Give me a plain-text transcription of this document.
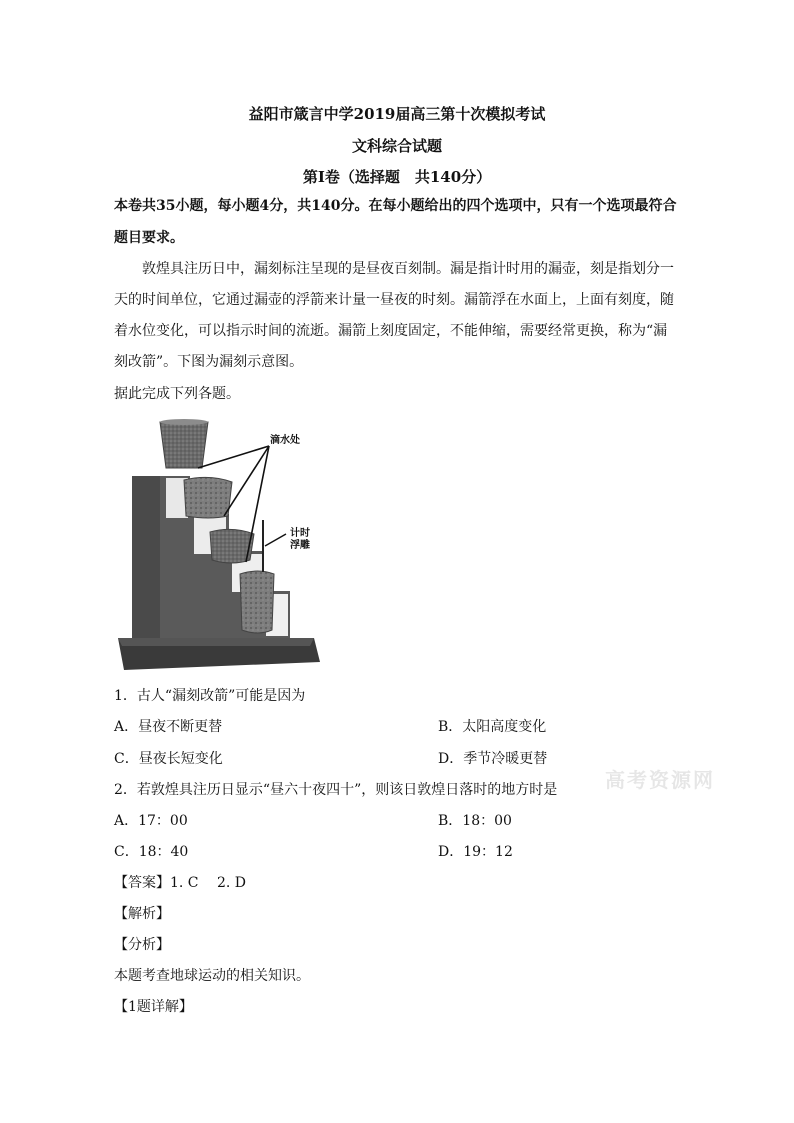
益阳市箴言中学2019届高三第十次模拟考试
文科综合试题
第Ⅰ卷（选择题　共140分）
本卷共35小题，每小题4分，共140分。在每小题给出的四个选项中，只有一个选项最符合
题目要求。
敦煌具注历日中，漏刻标注呈现的是昼夜百刻制。漏是指计时用的漏壶，刻是指划分一
天的时间单位，它通过漏壶的浮箭来计量一昼夜的时刻。漏箭浮在水面上，上面有刻度，随
着水位变化，可以指示时间的流逝。漏箭上刻度固定，不能伸缩，需要经常更换，称为“漏
刻改箭”。下图为漏刻示意图。
据此完成下列各题。
滴水处
计时
浮雕
1．古人“漏刻改箭”可能是因为
A．昼夜不断更替	B．太阳高度变化
C．昼夜长短变化	D．季节冷暖更替
高考资源网
2．若敦煌具注历日显示“昼六十夜四十”，则该日敦煌日落时的地方时是
A．17：00	B．18：00
C．18：40	D．19：12
【答案】1. C　 2. D
【解析】
【分析】
本题考查地球运动的相关知识。
【1题详解】
